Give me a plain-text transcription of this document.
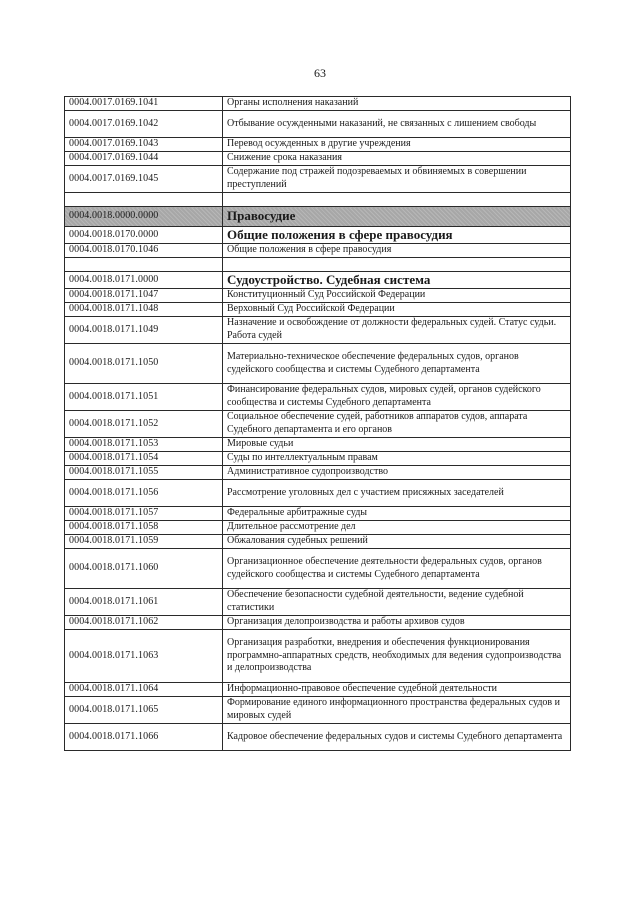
63
0004.0017.0169.1041	Органы исполнения наказаний
0004.0017.0169.1042	Отбывание осужденными наказаний, не связанных с лишением свободы
0004.0017.0169.1043	Перевод осужденных в другие учреждения
0004.0017.0169.1044	Снижение срока наказания
0004.0017.0169.1045	Содержание под стражей подозреваемых и обвиняемых в совершении преступлений

0004.0018.0000.0000	Правосудие
0004.0018.0170.0000	Общие положения в сфере правосудия
0004.0018.0170.1046	Общие положения в сфере правосудия

0004.0018.0171.0000	Судоустройство. Судебная система
0004.0018.0171.1047	Конституционный Суд Российской Федерации
0004.0018.0171.1048	Верховный Суд Российской Федерации
0004.0018.0171.1049	Назначение и освобождение от должности федеральных судей. Статус судьи. Работа судей
0004.0018.0171.1050	Материально-техническое обеспечение федеральных судов, органов судейского сообщества и системы Судебного департамента
0004.0018.0171.1051	Финансирование федеральных судов, мировых судей, органов судейского сообщества и системы Судебного департамента
0004.0018.0171.1052	Социальное обеспечение судей, работников аппаратов судов, аппарата Судебного департамента и его органов
0004.0018.0171.1053	Мировые судьи
0004.0018.0171.1054	Суды по интеллектуальным правам
0004.0018.0171.1055	Административное судопроизводство
0004.0018.0171.1056	Рассмотрение уголовных дел с участием присяжных заседателей
0004.0018.0171.1057	Федеральные арбитражные суды
0004.0018.0171.1058	Длительное рассмотрение дел
0004.0018.0171.1059	Обжалования судебных решений
0004.0018.0171.1060	Организационное обеспечение деятельности федеральных судов, органов судейского сообщества и системы Судебного департамента
0004.0018.0171.1061	Обеспечение безопасности судебной деятельности, ведение судебной статистики
0004.0018.0171.1062	Организация делопроизводства и работы архивов судов
0004.0018.0171.1063	Организация разработки, внедрения и обеспечения функционирования программно-аппаратных средств, необходимых для ведения судопроизводства и делопроизводства
0004.0018.0171.1064	Информационно-правовое обеспечение судебной деятельности
0004.0018.0171.1065	Формирование единого информационного пространства федеральных судов и мировых судей
0004.0018.0171.1066	Кадровое обеспечение федеральных судов и системы Судебного департамента
